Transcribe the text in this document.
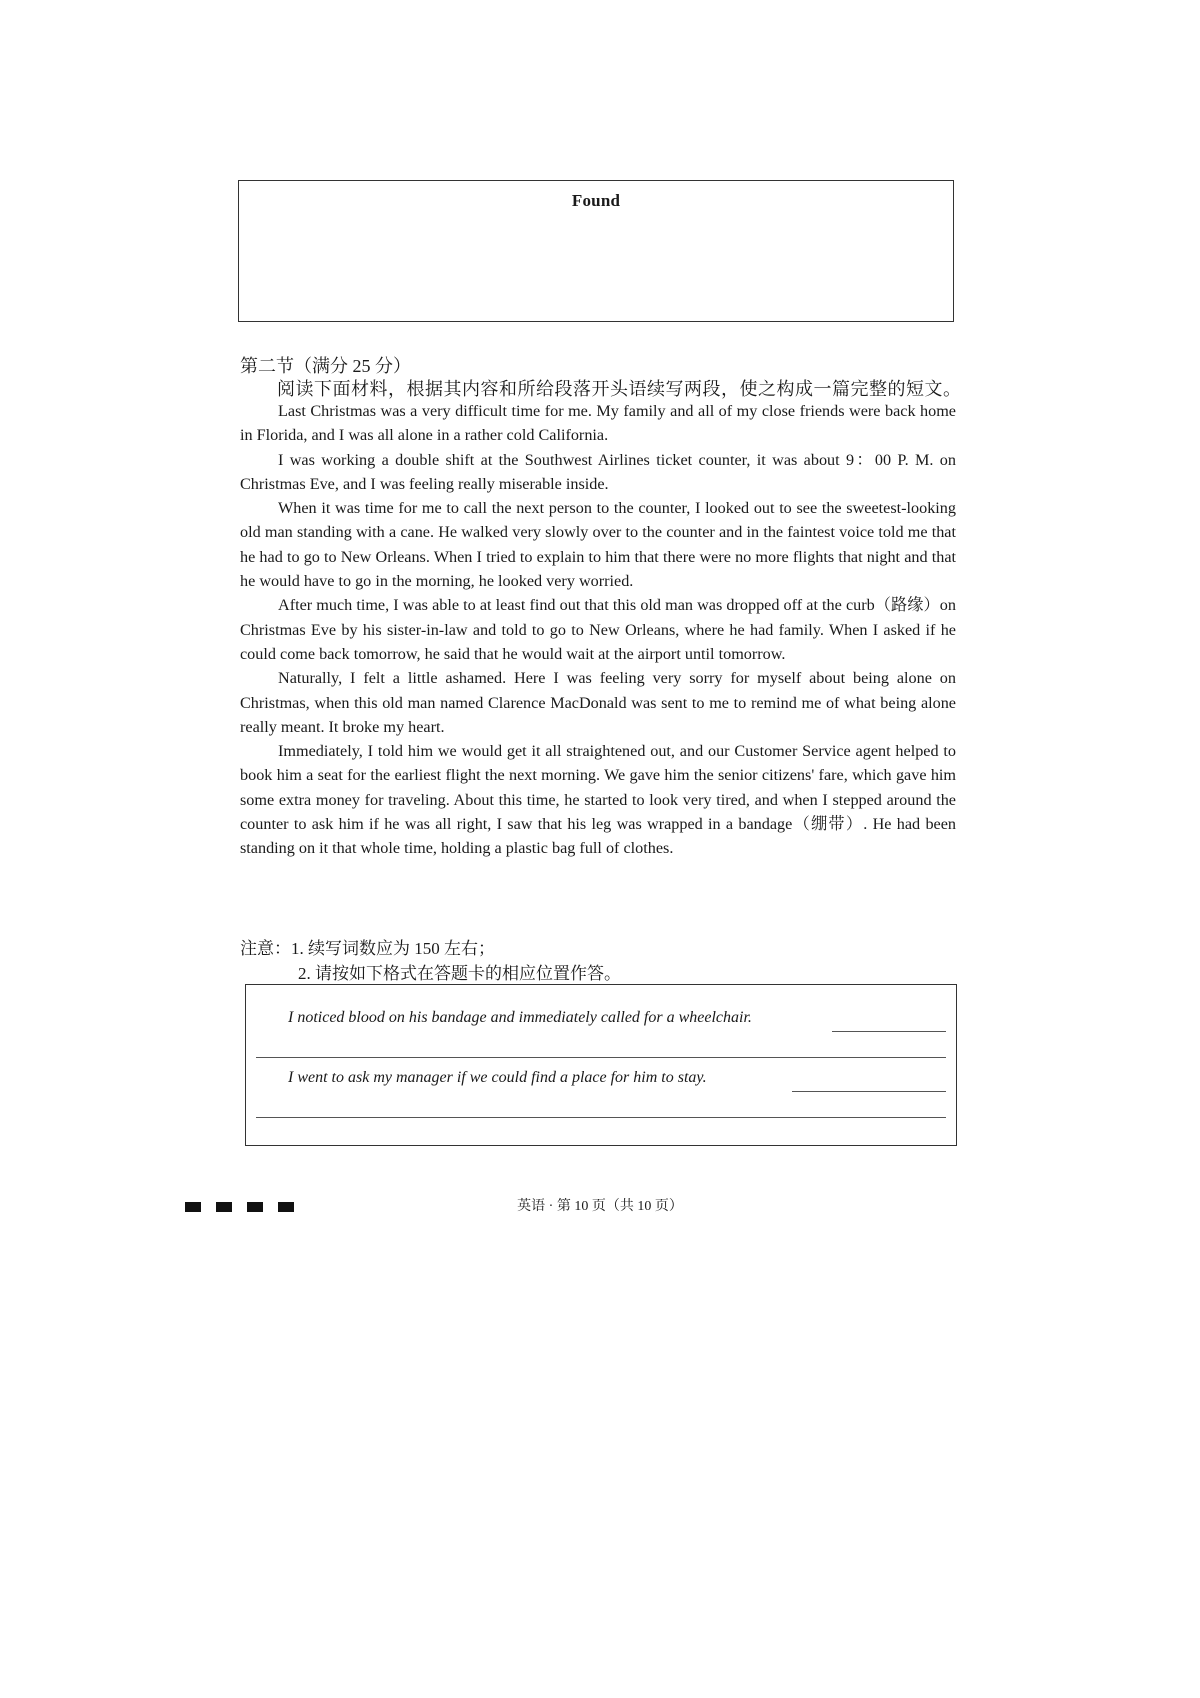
Found
第二节（满分 25 分）
阅读下面材料，根据其内容和所给段落开头语续写两段，使之构成一篇完整的短文。

Last Christmas was a very difficult time for me. My family and all of my close friends were back home in Florida, and I was all alone in a rather cold California.

I was working a double shift at the Southwest Airlines ticket counter, it was about 9：00 P. M. on Christmas Eve, and I was feeling really miserable inside.

When it was time for me to call the next person to the counter, I looked out to see the sweetest-looking old man standing with a cane. He walked very slowly over to the counter and in the faintest voice told me that he had to go to New Orleans. When I tried to explain to him that there were no more flights that night and that he would have to go in the morning, he looked very worried.

After much time, I was able to at least find out that this old man was dropped off at the curb（路缘）on Christmas Eve by his sister-in-law and told to go to New Orleans, where he had family. When I asked if he could come back tomorrow, he said that he would wait at the airport until tomorrow.

Naturally, I felt a little ashamed. Here I was feeling very sorry for myself about being alone on Christmas, when this old man named Clarence MacDonald was sent to me to remind me of what being alone really meant. It broke my heart.

Immediately, I told him we would get it all straightened out, and our Customer Service agent helped to book him a seat for the earliest flight the next morning. We gave him the senior citizens' fare, which gave him some extra money for traveling. About this time, he started to look very tired, and when I stepped around the counter to ask him if he was all right, I saw that his leg was wrapped in a bandage（绷带）. He had been standing on it that whole time, holding a plastic bag full of clothes.

注意：1. 续写词数应为 150 左右；
2. 请按如下格式在答题卡的相应位置作答。
I noticed blood on his bandage and immediately called for a wheelchair.
I went to ask my manager if we could find a place for him to stay.
英语 · 第 10 页（共 10 页）
